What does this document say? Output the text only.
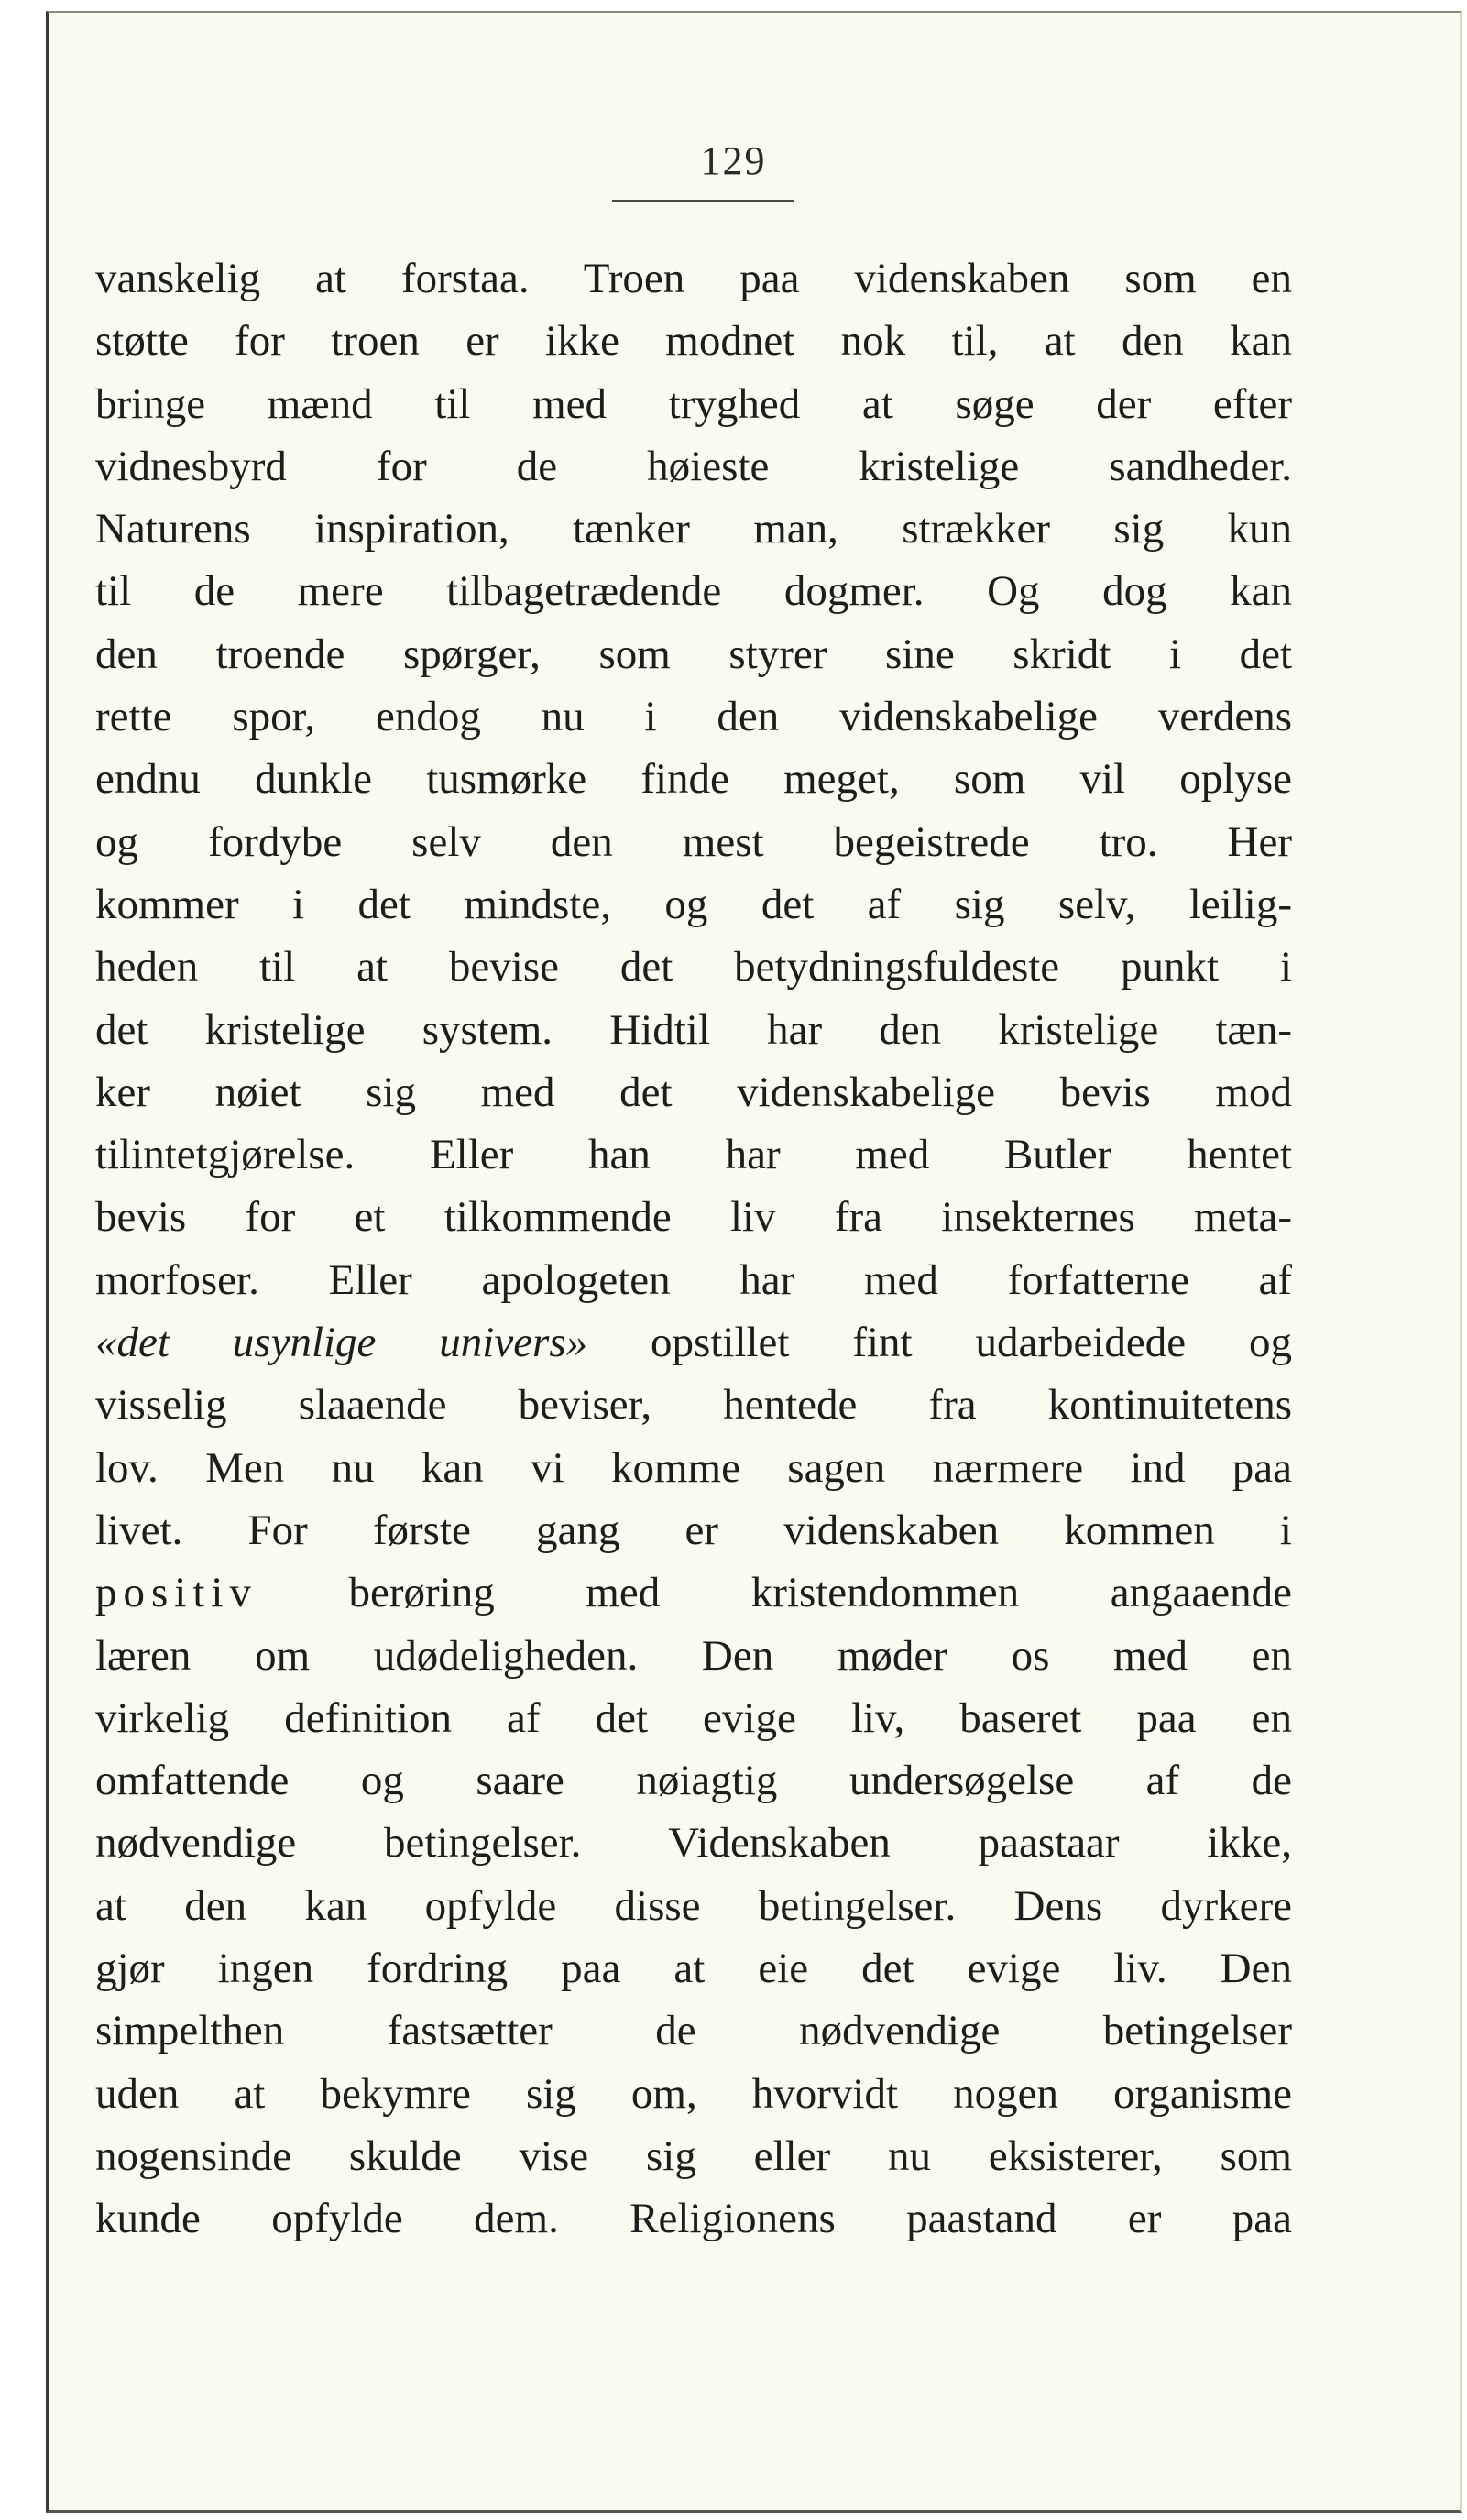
129
vanskelig at forstaa. Troen paa videnskaben som en
støtte for troen er ikke modnet nok til, at den kan
bringe mænd til med tryghed at søge der efter
vidnesbyrd for de høieste kristelige sandheder.
Naturens inspiration, tænker man, strækker sig kun
til de mere tilbagetrædende dogmer. Og dog kan
den troende spørger, som styrer sine skridt i det
rette spor, endog nu i den videnskabelige verdens
endnu dunkle tusmørke finde meget, som vil oplyse
og fordybe selv den mest begeistrede tro. Her
kommer i det mindste, og det af sig selv, leilig-
heden til at bevise det betydningsfuldeste punkt i
det kristelige system. Hidtil har den kristelige tæn-
ker nøiet sig med det videnskabelige bevis mod
tilintetgjørelse. Eller han har med Butler hentet
bevis for et tilkommende liv fra insekternes meta-
morfoser. Eller apologeten har med forfatterne af
«det usynlige univers» opstillet fint udarbeidede og
visselig slaaende beviser, hentede fra kontinuitetens
lov. Men nu kan vi komme sagen nærmere ind paa
livet. For første gang er videnskaben kommen i
positiv berøring med kristendommen angaaende
læren om udødeligheden. Den møder os med en
virkelig definition af det evige liv, baseret paa en
omfattende og saare nøiagtig undersøgelse af de
nødvendige betingelser. Videnskaben paastaar ikke,
at den kan opfylde disse betingelser. Dens dyrkere
gjør ingen fordring paa at eie det evige liv. Den
simpelthen fastsætter de nødvendige betingelser
uden at bekymre sig om, hvorvidt nogen organisme
nogensinde skulde vise sig eller nu eksisterer, som
kunde opfylde dem. Religionens paastand er paa
